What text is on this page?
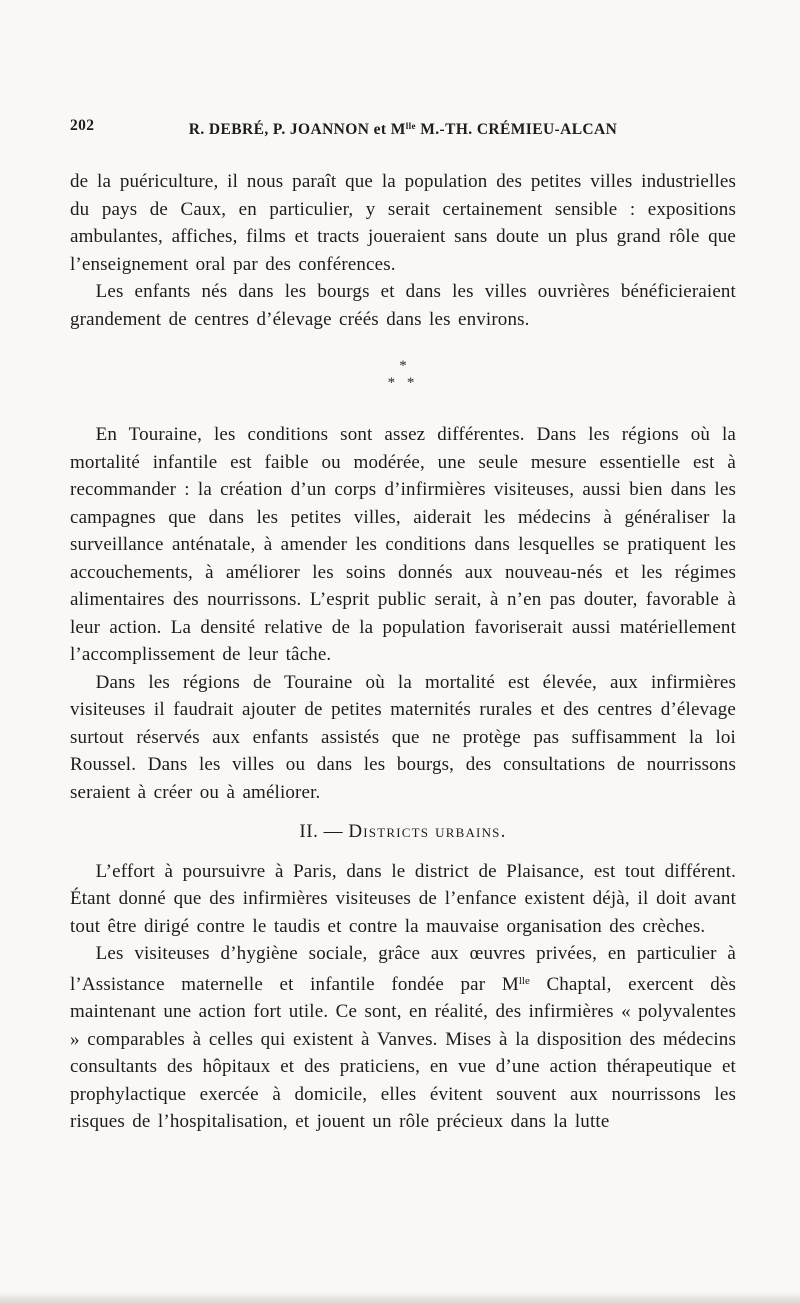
202	R. DEBRÉ, P. JOANNON et $M^{lle}$ M.-TH. CRÉMIEU-ALCAN

de la puériculture, il nous paraît que la population des petites villes industrielles du pays de Caux, en particulier, y serait certainement sensible : expositions ambulantes, affiches, films et tracts joueraient sans doute un plus grand rôle que l’enseignement oral par des conférences.

Les enfants nés dans les bourgs et dans les villes ouvrières bénéficieraient grandement de centres d’élevage créés dans les environs.

*
* *

En Touraine, les conditions sont assez différentes. Dans les régions où la mortalité infantile est faible ou modérée, une seule mesure essentielle est à recommander : la création d’un corps d’infirmières visiteuses, aussi bien dans les campagnes que dans les petites villes, aiderait les médecins à généraliser la surveillance anténatale, à amender les conditions dans lesquelles se pratiquent les accouchements, à améliorer les soins donnés aux nouveau-nés et les régimes alimentaires des nourrissons. L’esprit public serait, à n’en pas douter, favorable à leur action. La densité relative de la population favoriserait aussi matériellement l’accomplissement de leur tâche.

Dans les régions de Touraine où la mortalité est élevée, aux infirmières visiteuses il faudrait ajouter de petites maternités rurales et des centres d’élevage surtout réservés aux enfants assistés que ne protège pas suffisamment la loi Roussel. Dans les villes ou dans les bourgs, des consultations de nourrissons seraient à créer ou à améliorer.

II. — Districts urbains.

L’effort à poursuivre à Paris, dans le district de Plaisance, est tout différent. Étant donné que des infirmières visiteuses de l’enfance existent déjà, il doit avant tout être dirigé contre le taudis et contre la mauvaise organisation des crèches.

Les visiteuses d’hygiène sociale, grâce aux œuvres privées, en particulier à l’Assistance maternelle et infantile fondée par $M^{lle}$ Chaptal, exercent dès maintenant une action fort utile. Ce sont, en réalité, des infirmières « polyvalentes » comparables à celles qui existent à Vanves. Mises à la disposition des médecins consultants des hôpitaux et des praticiens, en vue d’une action thérapeutique et prophylactique exercée à domicile, elles évitent souvent aux nourrissons les risques de l’hospitalisation, et jouent un rôle précieux dans la lutte
